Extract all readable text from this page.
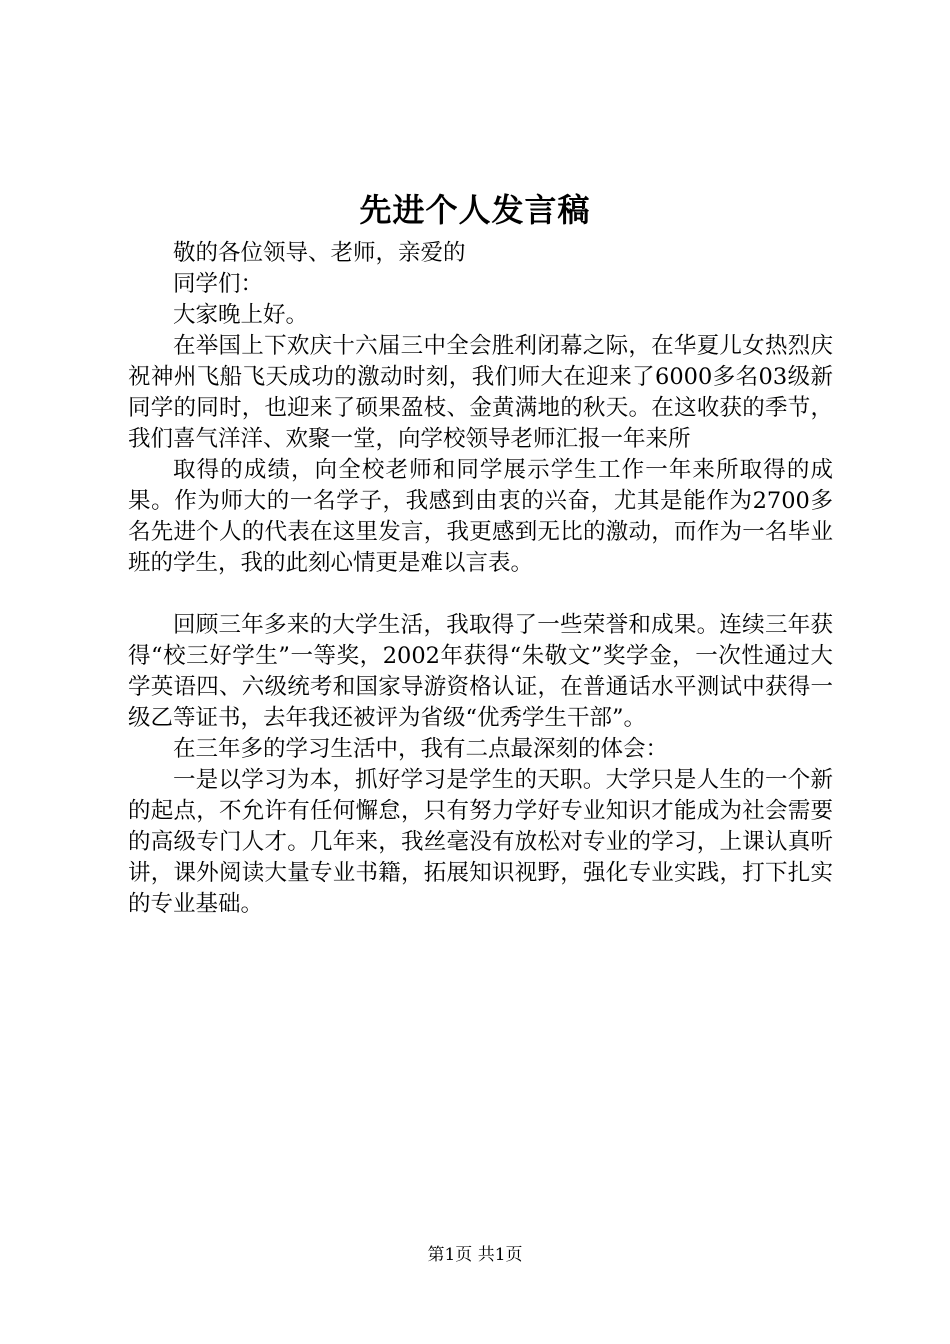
先进个人发言稿

敬的各位领导、老师，亲爱的

同学们：

大家晚上好。

在举国上下欢庆十六届三中全会胜利闭幕之际，在华夏儿女热烈庆祝神州飞船飞天成功的激动时刻，我们师大在迎来了6000多名03级新同学的同时，也迎来了硕果盈枝、金黄满地的秋天。在这收获的季节，我们喜气洋洋、欢聚一堂，向学校领导老师汇报一年来所

取得的成绩，向全校老师和同学展示学生工作一年来所取得的成果。作为师大的一名学子，我感到由衷的兴奋，尤其是能作为2700多名先进个人的代表在这里发言，我更感到无比的激动，而作为一名毕业班的学生，我的此刻心情更是难以言表。

回顾三年多来的大学生活，我取得了一些荣誉和成果。连续三年获得“校三好学生”一等奖，2002年获得“朱敬文”奖学金，一次性通过大学英语四、六级统考和国家导游资格认证，在普通话水平测试中获得一级乙等证书，去年我还被评为省级“优秀学生干部”。

在三年多的学习生活中，我有二点最深刻的体会：

一是以学习为本，抓好学习是学生的天职。大学只是人生的一个新的起点，不允许有任何懈怠，只有努力学好专业知识才能成为社会需要的高级专门人才。几年来，我丝毫没有放松对专业的学习，上课认真听讲，课外阅读大量专业书籍，拓展知识视野，强化专业实践，打下扎实的专业基础。

第1页 共1页
